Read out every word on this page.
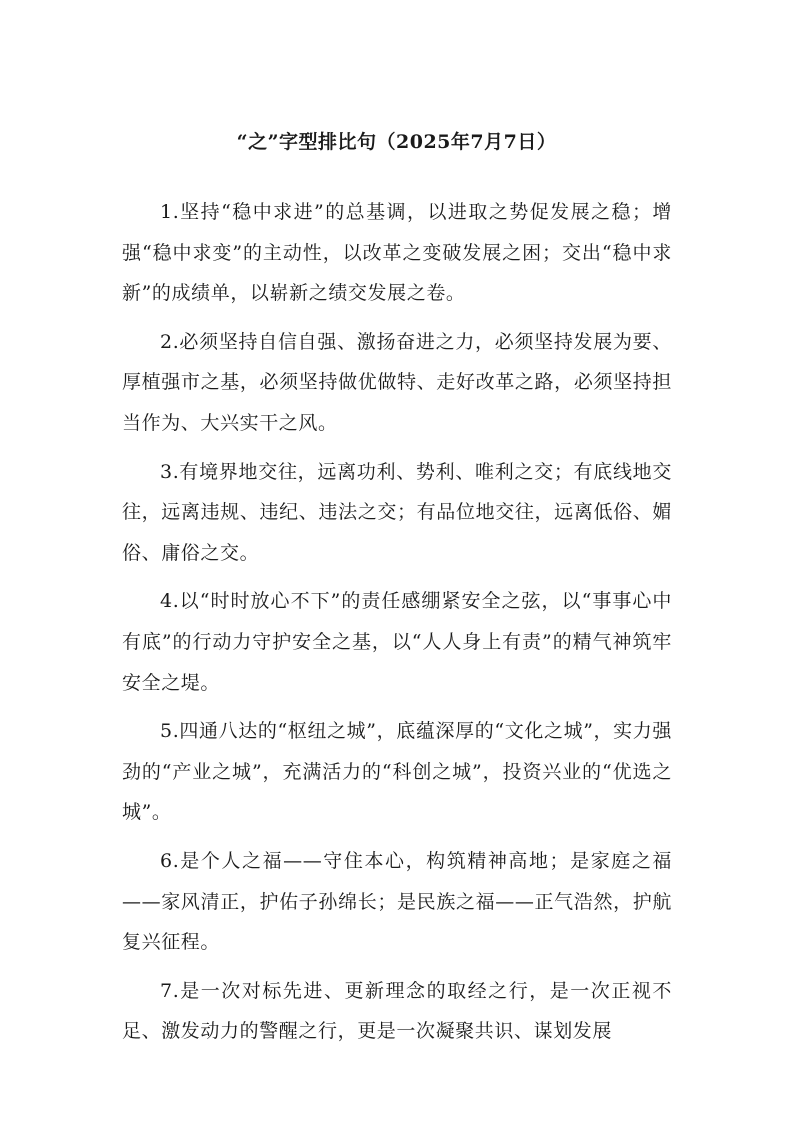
“之”字型排比句（2025年7月7日）

1.坚持“稳中求进”的总基调，以进取之势促发展之稳；增强“稳中求变”的主动性，以改革之变破发展之困；交出“稳中求新”的成绩单，以崭新之绩交发展之卷。

2.必须坚持自信自强、激扬奋进之力，必须坚持发展为要、厚植强市之基，必须坚持做优做特、走好改革之路，必须坚持担当作为、大兴实干之风。

3.有境界地交往，远离功利、势利、唯利之交；有底线地交往，远离违规、违纪、违法之交；有品位地交往，远离低俗、媚俗、庸俗之交。

4.以“时时放心不下”的责任感绷紧安全之弦，以“事事心中有底”的行动力守护安全之基，以“人人身上有责”的精气神筑牢安全之堤。

5.四通八达的“枢纽之城”，底蕴深厚的“文化之城”，实力强劲的“产业之城”，充满活力的“科创之城”，投资兴业的“优选之城”。

6.是个人之福——守住本心，构筑精神高地；是家庭之福——家风清正，护佑子孙绵长；是民族之福——正气浩然，护航复兴征程。

7.是一次对标先进、更新理念的取经之行，是一次正视不足、激发动力的警醒之行，更是一次凝聚共识、谋划发展
